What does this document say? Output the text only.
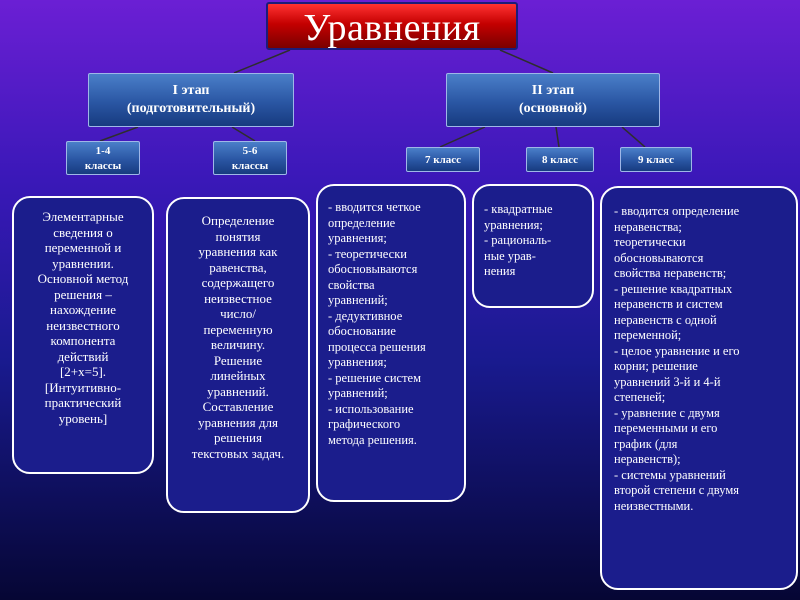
Уравнения
I этап
(подготовительный)
II этап
(основной)
1-4
классы
5-6
классы	7 класс	8 класс	9 класс
Элементарные
сведения о
переменной и
уравнении.
Основной метод
решения –
нахождение
неизвестного
компонента
действий
[2+x=5].
[Интуитивно-
практический
уровень]
Определение
понятия
уравнения как
равенства,
содержащего
неизвестное
число/
переменную
величину.
Решение
линейных
уравнений.
Составление
уравнения для
решения
текстовых задач.
- вводится четкое
определение
уравнения;
- теоретически
обосновываются
свойства
уравнений;
- дедуктивное
обоснование
процесса решения
уравнения;
- решение систем
уравнений;
- использование
графического
метода решения.
- квадратные
уравнения;
- рациональ-
ные урав-
нения
- вводится определение
неравенства;
теоретически
обосновываются
свойства неравенств;
- решение квадратных
неравенств и систем
неравенств с одной
переменной;
- целое уравнение и его
корни; решение
уравнений 3-й и 4-й
степеней;
- уравнение с двумя
переменными и его
график (для
неравенств);
- системы уравнений
второй степени с двумя
неизвестными.
